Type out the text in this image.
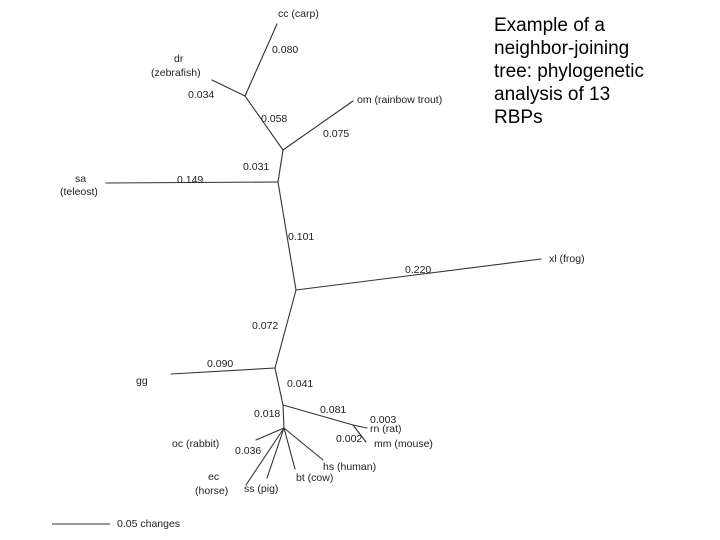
cc (carp)
dr
(zebrafish)
om (rainbow trout)
sa
(teleost)
xl (frog)
gg
rn (rat)
mm (mouse)
oc (rabbit)
hs (human)
bt (cow)
ec
(horse) ss (pig)
0.080
0.034
0.058
0.075
0.031
0.149
0.101
0.220
0.072
0.090
0.041
0.081
0.003
0.002
0.018
0.036
0.05 changes
Example of a
neighbor-joining
tree: phylogenetic
analysis of 13
RBPs
